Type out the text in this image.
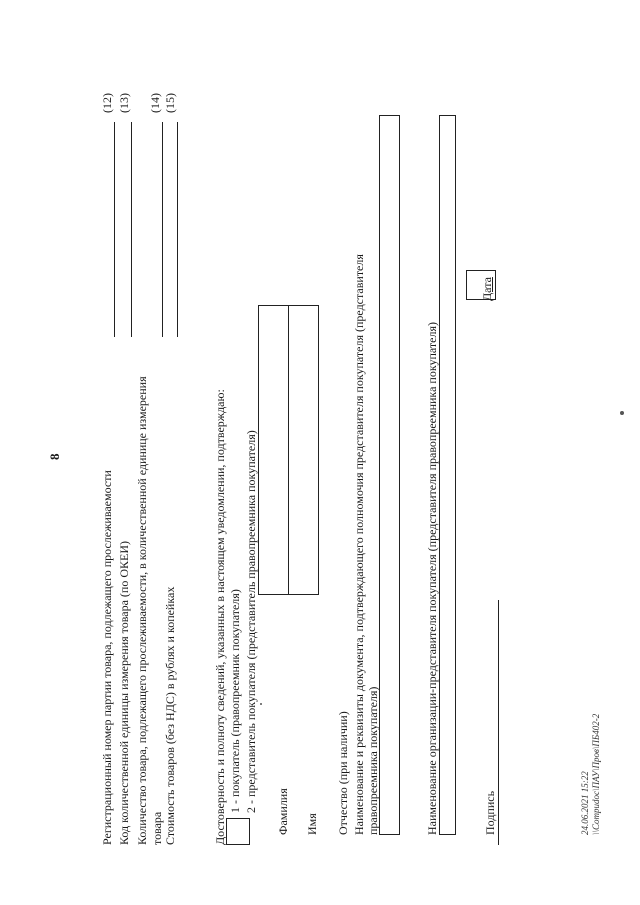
8
Регистрационный номер партии товара, подлежащего прослеживаемости
(12)
Код количественной единицы измерения товара (по ОКЕИ)
(13)
Количество товара, подлежащего прослеживаемости, в количественной единице измерения товара
(14)
Стоимость товаров (без НДС) в рублях и копейках
(15)
Достоверность и полноту сведений, указанных в настоящем уведомлении, подтверждаю: 1 - покупатель (правопреемник покупателя) 2 - представитель покупателя (представитель правопреемника покупателя) Фамилия Имя Отчество (при наличии) Наименование и реквизиты документа, подтверждающего полномочия представителя покупателя (представителя правопреемника покупателя)	Наименование организации-представителя покупателя (представителя правопреемника покупателя)	Подпись
Дата
24.06.2021 15:22 \\Compudoc\ПАУ\Пров\ПБ402-2
